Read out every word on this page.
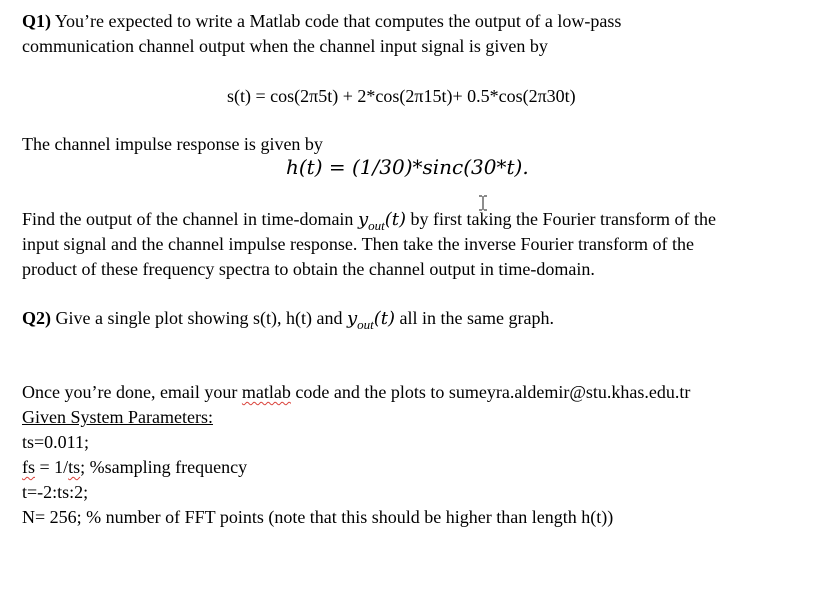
Q1) You’re expected to write a Matlab code that computes the output of a low-pass
communication channel output when the channel input signal is given by
s(t) = cos(2π5t) + 2*cos(2π15t)+ 0.5*cos(2π30t)
The channel impulse response is given by
h(t) = (1/30)*sinc(30*t).
Find the output of the channel in time-domain $y_{out}(t)$ by first taking the Fourier transform of the
input signal and the channel impulse response. Then take the inverse Fourier transform of the
product of these frequency spectra to obtain the channel output in time-domain.
Q2) Give a single plot showing s(t), h(t) and $y_{out}(t)$ all in the same graph.
Once you’re done, email your matlab code and the plots to sumeyra.aldemir@stu.khas.edu.tr
Given System Parameters:
ts=0.011;
fs = 1/ts; %sampling frequency
t=-2:ts:2;
N= 256; % number of FFT points (note that this should be higher than length h(t))
